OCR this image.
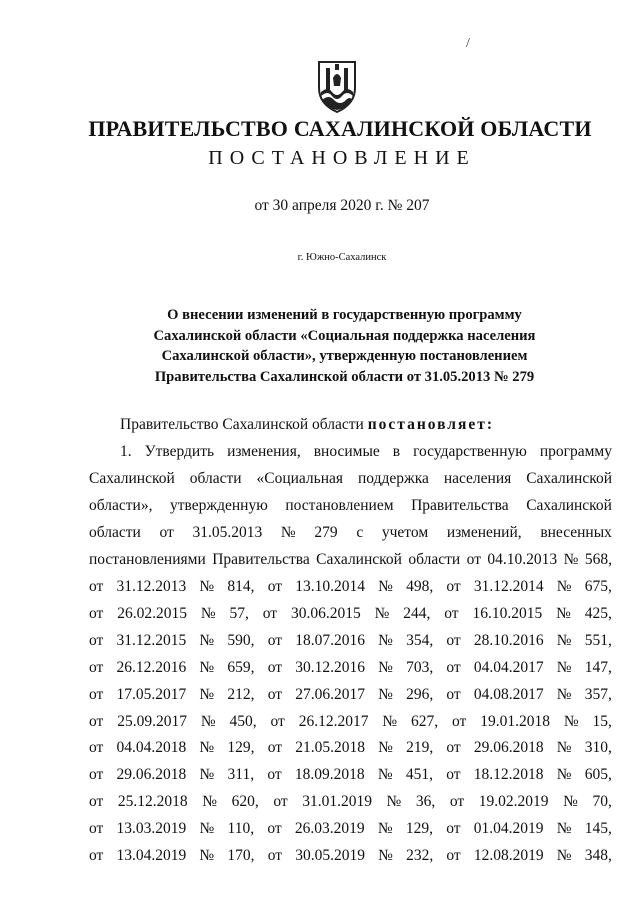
/
ПРАВИТЕЛЬСТВО САХАЛИНСКОЙ ОБЛАСТИ
ПОСТАНОВЛЕНИЕ
от 30 апреля 2020 г. № 207
г. Южно-Сахалинск
О внесении изменений в государственную программу
Сахалинской области «Социальная поддержка населения
Сахалинской области», утвержденную постановлением
Правительства Сахалинской области от 31.05.2013 № 279
Правительство Сахалинской области постановляет:
1. Утвердить изменения, вносимые в государственную программу
Сахалинской области «Социальная поддержка населения Сахалинской
области», утвержденную постановлением Правительства Сахалинской
области от 31.05.2013 № 279 с учетом изменений, внесенных
постановлениями Правительства Сахалинской области от 04.10.2013 № 568,
от 31.12.2013 № 814, от 13.10.2014 № 498, от 31.12.2014 № 675,
от 26.02.2015 № 57, от 30.06.2015 № 244, от 16.10.2015 № 425,
от 31.12.2015 № 590, от 18.07.2016 № 354, от 28.10.2016 № 551,
от 26.12.2016 № 659, от 30.12.2016 № 703, от 04.04.2017 № 147,
от 17.05.2017 № 212, от 27.06.2017 № 296, от 04.08.2017 № 357,
от 25.09.2017 № 450, от 26.12.2017 № 627, от 19.01.2018 № 15,
от 04.04.2018 № 129, от 21.05.2018 № 219, от 29.06.2018 № 310,
от 29.06.2018 № 311, от 18.09.2018 № 451, от 18.12.2018 № 605,
от 25.12.2018 № 620, от 31.01.2019 № 36, от 19.02.2019 № 70,
от 13.03.2019 № 110, от 26.03.2019 № 129, от 01.04.2019 № 145,
от 13.04.2019 № 170, от 30.05.2019 № 232, от 12.08.2019 № 348,
